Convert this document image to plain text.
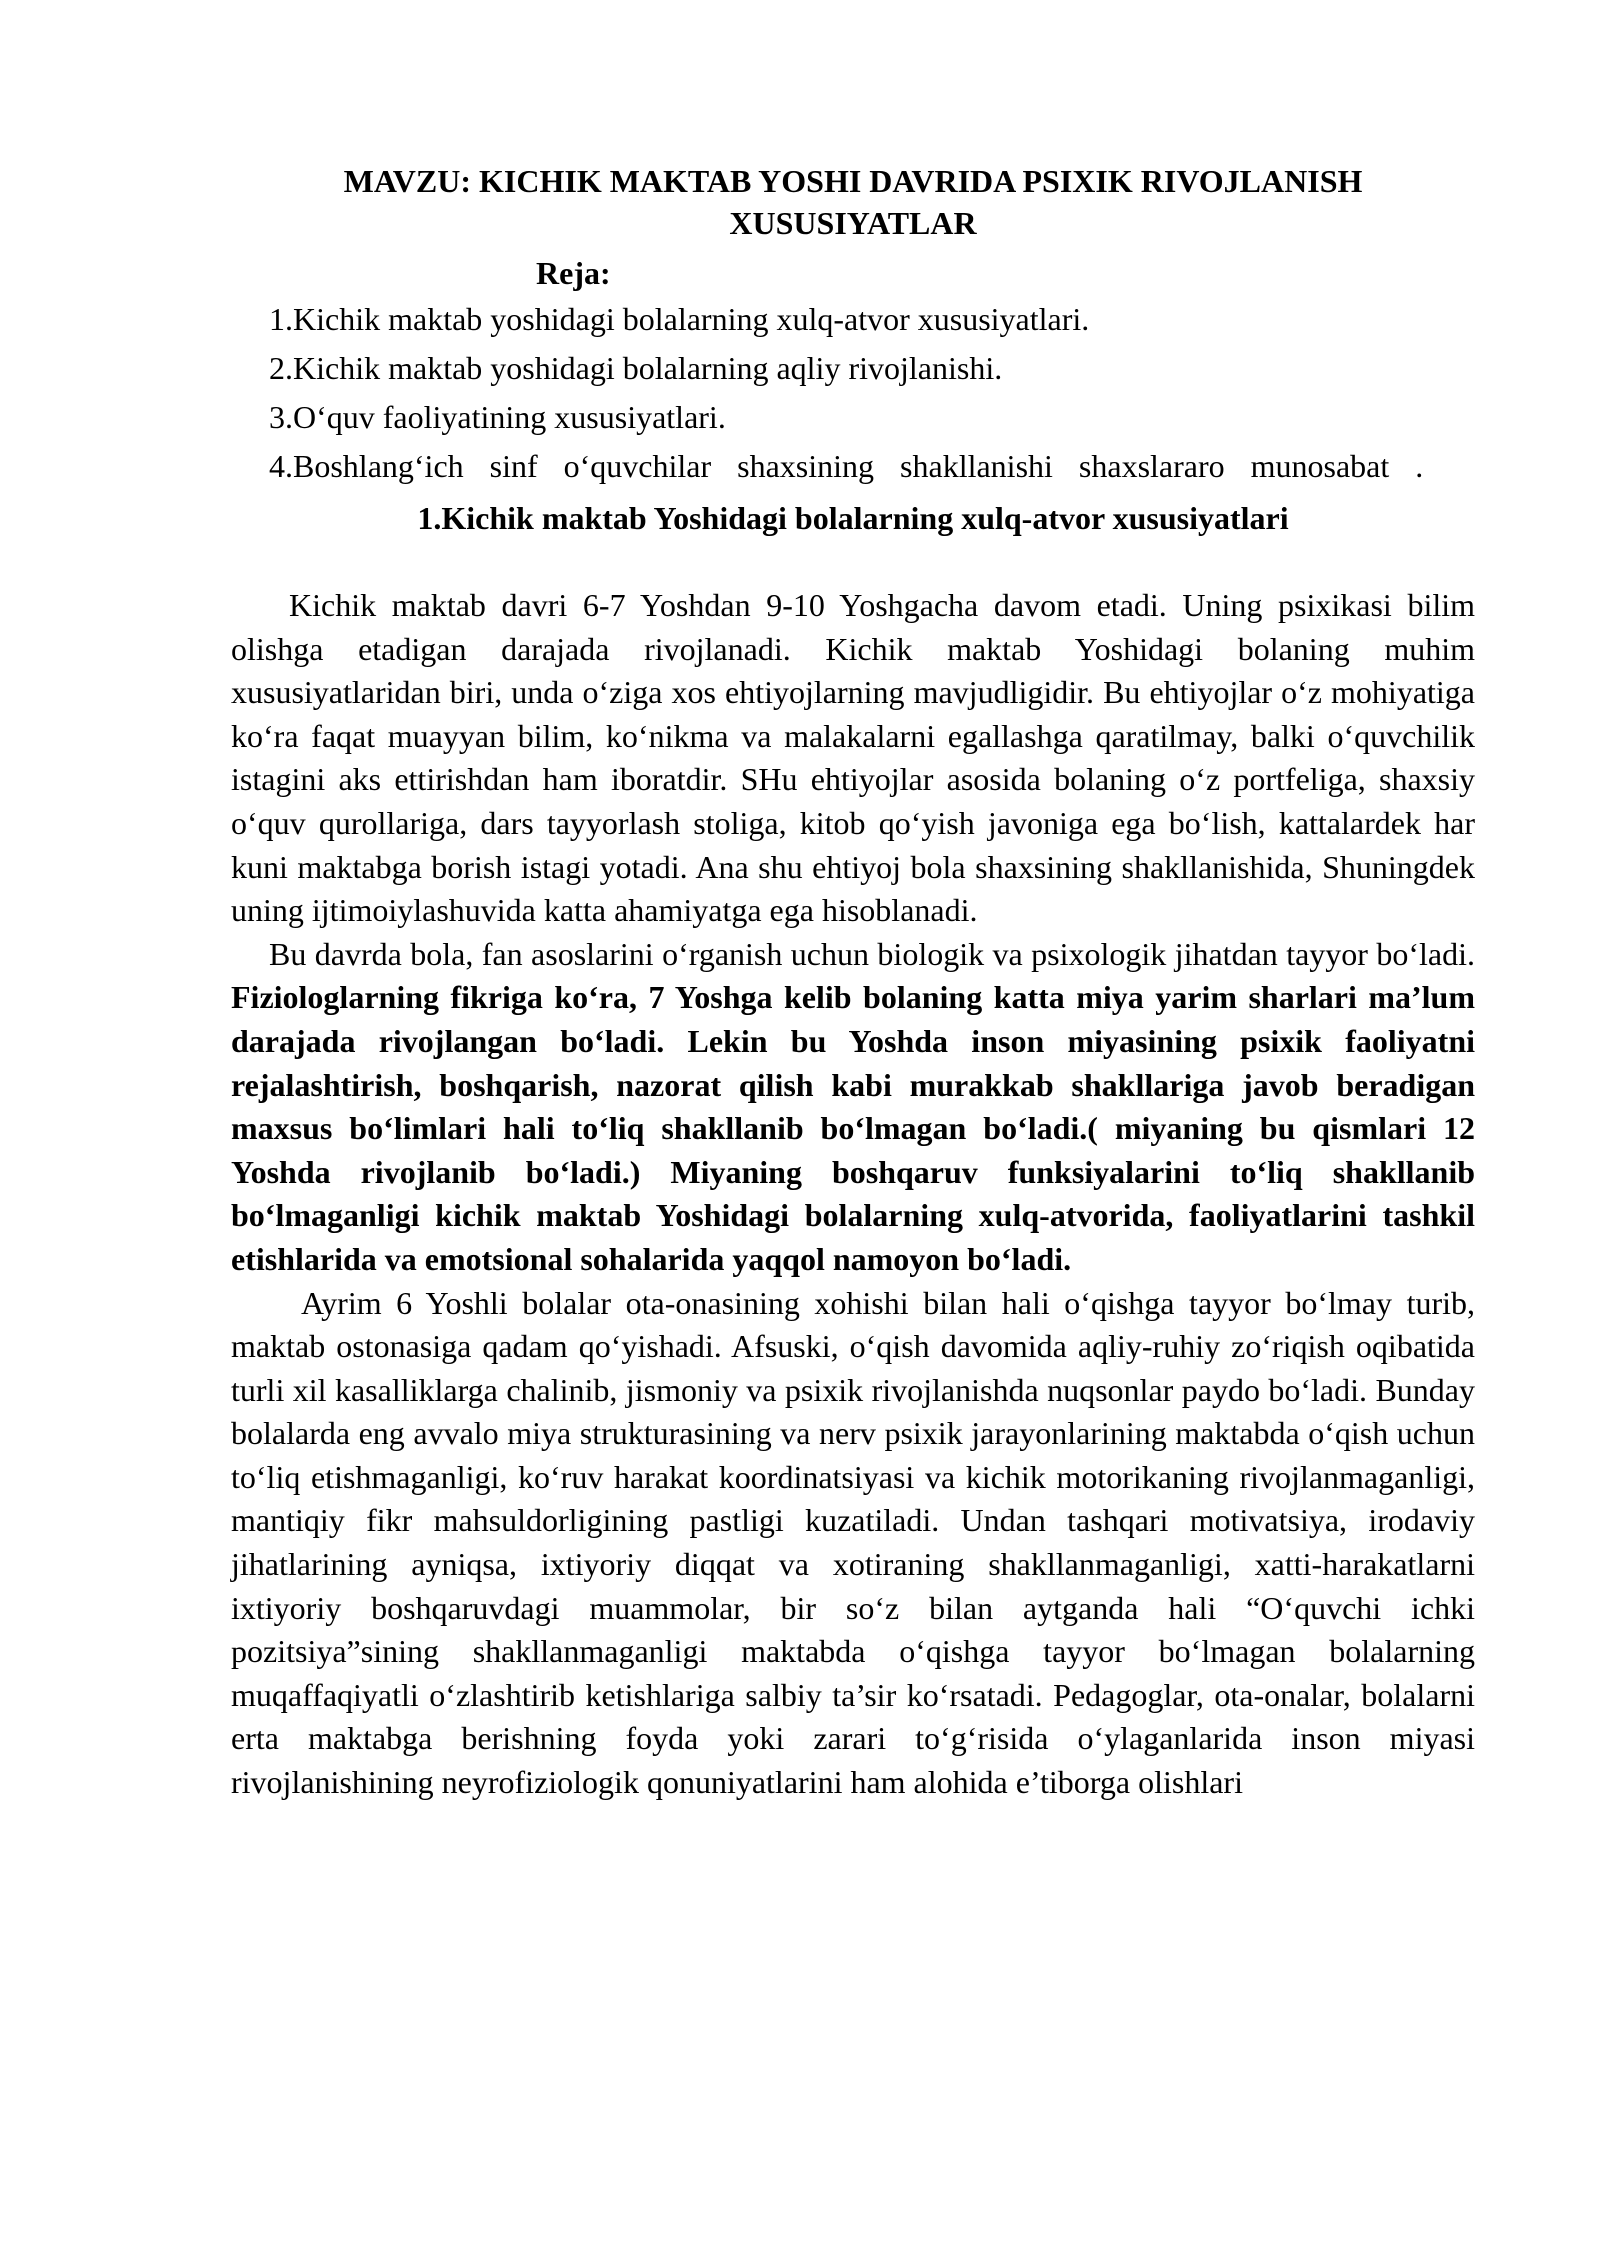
MAVZU: KICHIK MAKTAB YOSHI DAVRIDA PSIXIK RIVOJLANISH XUSUSIYATLAR
Reja:
1.Kichik maktab yoshidagi bolalarning xulq-atvor xususiyatlari.
2.Kichik maktab yoshidagi bolalarning aqliy rivojlanishi.
3.O‘quv faoliyatining xususiyatlari.
4.Boshlang‘ich sinf o‘quvchilar shaxsining shakllanishi shaxslararo munosabat .
1.Kichik maktab Yoshidagi bolalarning xulq-atvor xususiyatlari

Kichik maktab davri 6-7 Yoshdan 9-10 Yoshgacha davom etadi. Uning psixikasi bilim olishga etadigan darajada rivojlanadi. Kichik maktab Yoshidagi bolaning muhim xususiyatlaridan biri, unda o‘ziga xos ehtiyojlarning mavjudligidir. Bu ehtiyojlar o‘z mohiyatiga ko‘ra faqat muayyan bilim, ko‘nikma va malakalarni egallashga qaratilmay, balki o‘quvchilik istagini aks ettirishdan ham iboratdir. SHu ehtiyojlar asosida bolaning o‘z portfeliga, shaxsiy o‘quv qurollariga, dars tayyorlash stoliga, kitob qo‘yish javoniga ega bo‘lish, kattalardek har kuni maktabga borish istagi yotadi. Ana shu ehtiyoj bola shaxsining shakllanishida, Shuningdek uning ijtimoiylashuvida katta ahamiyatga ega hisoblanadi.

Bu davrda bola, fan asoslarini o‘rganish uchun biologik va psixologik jihatdan tayyor bo‘ladi. Fiziologlarning fikriga ko‘ra, 7 Yoshga kelib bolaning katta miya yarim sharlari ma’lum darajada rivojlangan bo‘ladi. Lekin bu Yoshda inson miyasining psixik faoliyatni rejalashtirish, boshqarish, nazorat qilish kabi murakkab shakllariga javob beradigan maxsus bo‘limlari hali to‘liq shakllanib bo‘lmagan bo‘ladi.( miyaning bu qismlari 12 Yoshda rivojlanib bo‘ladi.) Miyaning boshqaruv funksiyalarini to‘liq shakllanib bo‘lmaganligi kichik maktab Yoshidagi bolalarning xulq-atvorida, faoliyatlarini tashkil etishlarida va emotsional sohalarida yaqqol namoyon bo‘ladi.

Ayrim 6 Yoshli bolalar ota-onasining xohishi bilan hali o‘qishga tayyor bo‘lmay turib, maktab ostonasiga qadam qo‘yishadi. Afsuski, o‘qish davomida aqliy-ruhiy zo‘riqish oqibatida turli xil kasalliklarga chalinib, jismoniy va psixik rivojlanishda nuqsonlar paydo bo‘ladi. Bunday bolalarda eng avvalo miya strukturasining va nerv psixik jarayonlarining maktabda o‘qish uchun to‘liq etishmaganligi, ko‘ruv harakat koordinatsiyasi va kichik motorikaning rivojlanmaganligi, mantiqiy fikr mahsuldorligining pastligi kuzatiladi. Undan tashqari motivatsiya, irodaviy jihatlarining ayniqsa, ixtiyoriy diqqat va xotiraning shakllanmaganligi, xatti-harakatlarni ixtiyoriy boshqaruvdagi muammolar, bir so‘z bilan aytganda hali “O‘quvchi ichki pozitsiya”sining shakllanmaganligi maktabda o‘qishga tayyor bo‘lmagan bolalarning muqaffaqiyatli o‘zlashtirib ketishlariga salbiy ta’sir ko‘rsatadi. Pedagoglar, ota-onalar, bolalarni erta maktabga berishning foyda yoki zarari to‘g‘risida o‘ylaganlarida inson miyasi rivojlanishining neyrofiziologik qonuniyatlarini ham alohida e’tiborga olishlari
